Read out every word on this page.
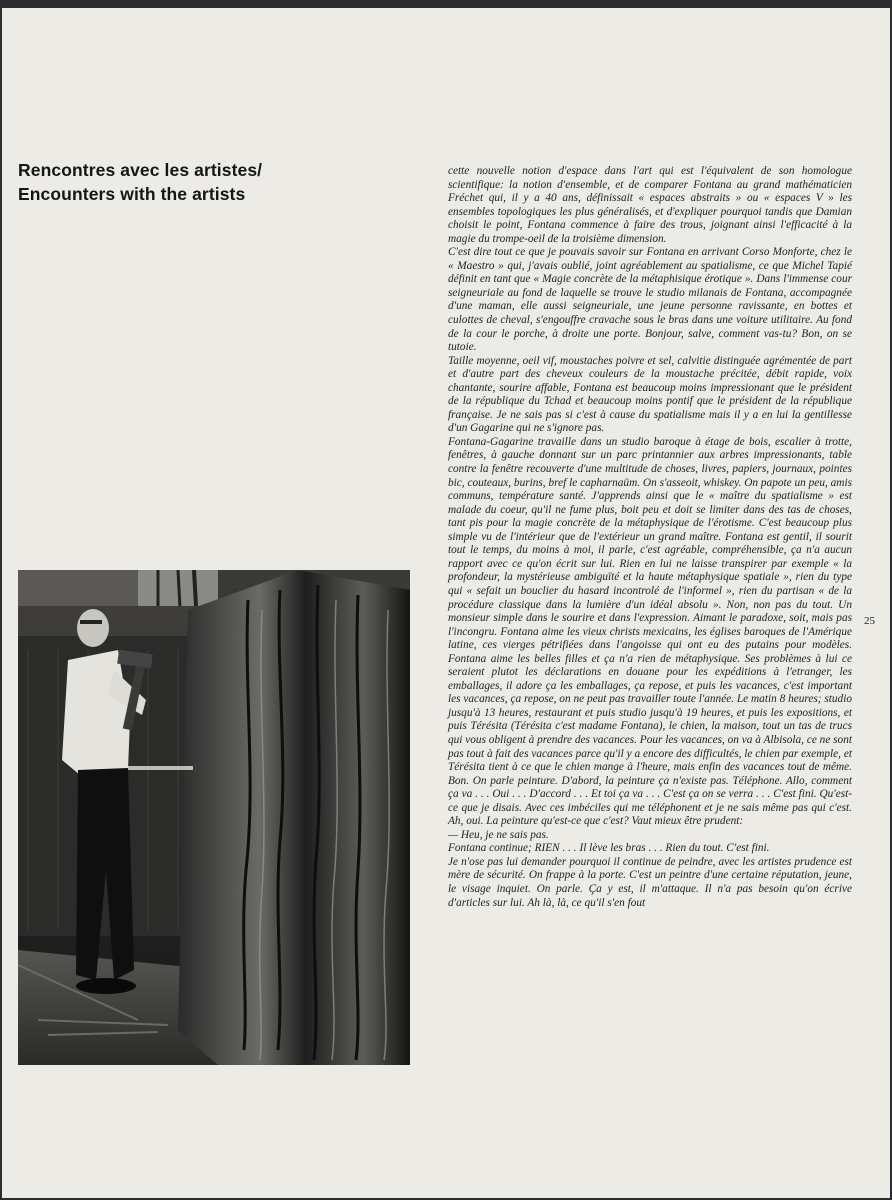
Rencontres avec les artistes/
Encounters with the artists

cette nouvelle notion d'espace dans l'art qui est l'équivalent de son homologue scientifique: la notion d'ensemble, et de comparer Fontana au grand mathématicien Fréchet qui, il y a 40 ans, définissait « espaces abstraits » ou « espaces V » les ensembles topologiques les plus généralisés, et d'expliquer pourquoi tandis que Damian choisit le point, Fontana commence à faire des trous, joignant ainsi l'efficacité à la magie du trompe-oeil de la troisième dimension.

C'est dire tout ce que je pouvais savoir sur Fontana en arrivant Corso Monforte, chez le « Maestro » qui, j'avais oublié, joint agréablement au spatialisme, ce que Michel Tapié définit en tant que « Magie concrète de la métaphisique érotique ». Dans l'immense cour seigneuriale au fond de laquelle se trouve le studio milanais de Fontana, accompagnée d'une maman, elle aussi seigneuriale, une jeune personne ravissante, en bottes et culottes de cheval, s'engouffre cravache sous le bras dans une voiture utilitaire. Au fond de la cour le porche, à droite une porte. Bonjour, salve, comment vas-tu? Bon, on se tutoie.

Taille moyenne, oeil vif, moustaches poivre et sel, calvitie distinguée agrémentée de part et d'autre part des cheveux couleurs de la moustache précitée, débit rapide, voix chantante, sourire affable, Fontana est beaucoup moins impressionant que le président de la république du Tchad et beaucoup moins pontif que le président de la république française. Je ne sais pas si c'est à cause du spatialisme mais il y a en lui la gentillesse d'un Gagarine qui ne s'ignore pas.

Fontana-Gagarine travaille dans un studio baroque à étage de bois, escalier à trotte, fenêtres, à gauche donnant sur un parc printannier aux arbres impressionants, table contre la fenêtre recouverte d'une multitude de choses, livres, papiers, journaux, pointes bic, couteaux, burins, bref le capharnaüm. On s'asseoit, whiskey. On papote un peu, amis communs, température santé. J'apprends ainsi que le « maître du spatialisme » est malade du coeur, qu'il ne fume plus, boit peu et doit se limiter dans des tas de choses, tant pis pour la magie concrète de la métaphysique de l'érotisme. C'est beaucoup plus simple vu de l'intérieur que de l'extérieur un grand maître. Fontana est gentil, il sourit tout le temps, du moins à moi, il parle, c'est agréable, compréhensible, ça n'a aucun rapport avec ce qu'on écrit sur lui. Rien en lui ne laisse transpirer par exemple « la profondeur, la mystérieuse ambiguïté et la haute métaphysique spatiale », rien du type qui « sefait un bouclier du hasard incontrolé de l'informel », rien du partisan « de la procédure classique dans la lumière d'un idéal absolu ». Non, non pas du tout. Un monsieur simple dans le sourire et dans l'expression. Aimant le paradoxe, soit, mais pas l'incongru. Fontana aime les vieux christs mexicains, les églises baroques de l'Amérique latine, ces vierges pétrifiées dans l'angoisse qui ont eu des putains pour modèles. Fontana aime les belles filles et ça n'a rien de métaphysique. Ses problèmes à lui ce seraient plutot les déclarations en douane pour les expéditions à l'etranger, les emballages, il adore ça les emballages, ça repose, et puis les vacances, c'est important les vacances, ça repose, on ne peut pas travailler toute l'année. Le matin 8 heures; studio jusqu'à 13 heures, restaurant et puis studio jusqu'à 19 heures, et puis les expositions, et puis Térésita (Térésita c'est madame Fontana), le chien, la maison, tout un tas de trucs qui vous obligent à prendre des vacances. Pour les vacances, on va à Albisola, ce ne sont pas tout à fait des vacances parce qu'il y a encore des difficultés, le chien par exemple, et Térésita tient à ce que le chien mange à l'heure, mais enfin des vacances tout de même. Bon. On parle peinture. D'abord, la peinture ça n'existe pas. Téléphone. Allo, comment ça va . . . Oui . . . D'accord . . . Et toi ça va . . . C'est ça on se verra . . . C'est fini. Qu'est-ce que je disais. Avec ces imbéciles qui me téléphonent et je ne sais même pas qui c'est. Ah, oui. La peinture qu'est-ce que c'est? Vaut mieux être prudent:

— Heu, je ne sais pas.

Fontana continue; RIEN . . . Il lève les bras . . . Rien du tout. C'est fini.

Je n'ose pas lui demander pourquoi il continue de peindre, avec les artistes prudence est mère de sécurité. On frappe à la porte. C'est un peintre d'une certaine réputation, jeune, le visage inquiet. On parle. Ça y est, il m'attaque. Il n'a pas besoin qu'on écrive d'articles sur lui. Ah là, là, ce qu'il s'en fout

25
